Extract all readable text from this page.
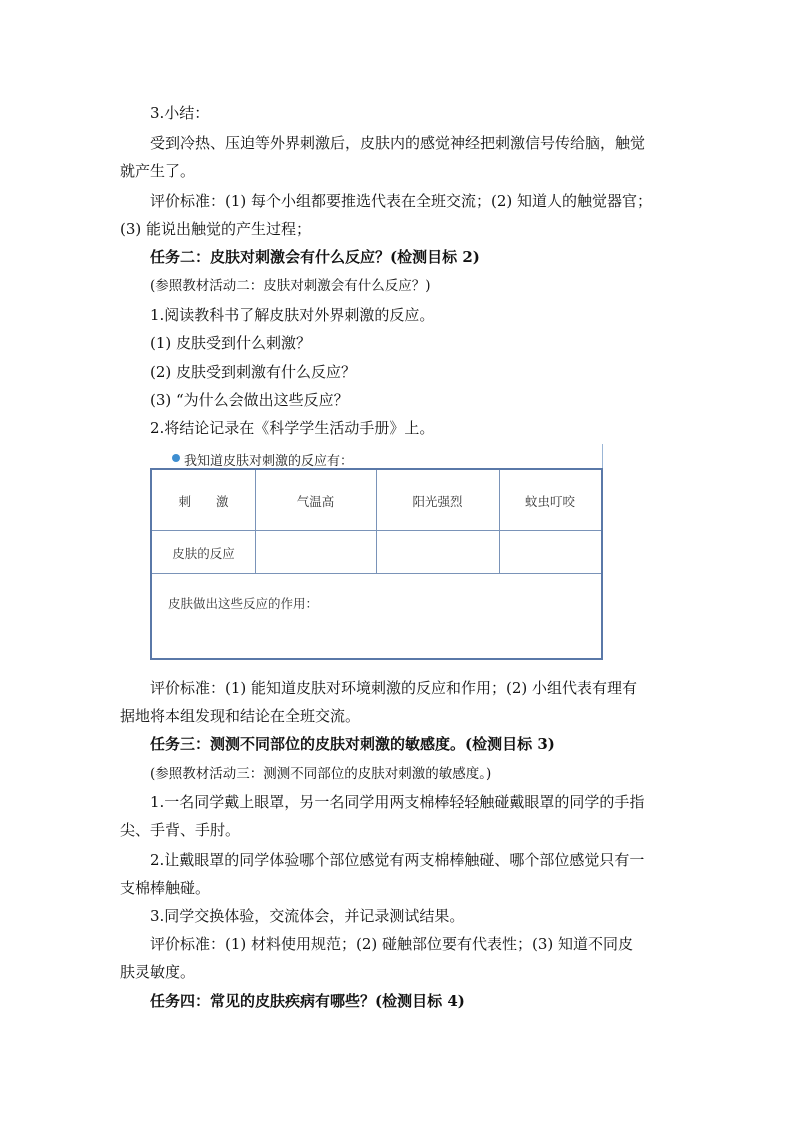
3.小结：
受到冷热、压迫等外界刺激后，皮肤内的感觉神经把刺激信号传给脑，触觉
就产生了。
评价标准：(1) 每个小组都要推选代表在全班交流；(2) 知道人的触觉器官；
(3) 能说出触觉的产生过程；
任务二：皮肤对刺激会有什么反应？(检测目标 2)
(参照教材活动二：皮肤对刺激会有什么反应？)
1.阅读教科书了解皮肤对外界刺激的反应。
(1) 皮肤受到什么刺激？
(2) 皮肤受到刺激有什么反应？
(3) “为什么会做出这些反应？
2.将结论记录在《科学学生活动手册》上。
我知道皮肤对刺激的反应有：
刺　　激	气温高	阳光强烈	蚊虫叮咬
皮肤的反应
皮肤做出这些反应的作用：
评价标准：(1) 能知道皮肤对环境刺激的反应和作用；(2) 小组代表有理有
据地将本组发现和结论在全班交流。
任务三：测测不同部位的皮肤对刺激的敏感度。(检测目标 3)
(参照教材活动三：测测不同部位的皮肤对刺激的敏感度。)
1.一名同学戴上眼罩，另一名同学用两支棉棒轻轻触碰戴眼罩的同学的手指
尖、手背、手肘。
2.让戴眼罩的同学体验哪个部位感觉有两支棉棒触碰、哪个部位感觉只有一
支棉棒触碰。
3.同学交换体验，交流体会，并记录测试结果。
评价标准：(1) 材料使用规范；(2) 碰触部位要有代表性；(3) 知道不同皮
肤灵敏度。
任务四：常见的皮肤疾病有哪些？(检测目标 4)
